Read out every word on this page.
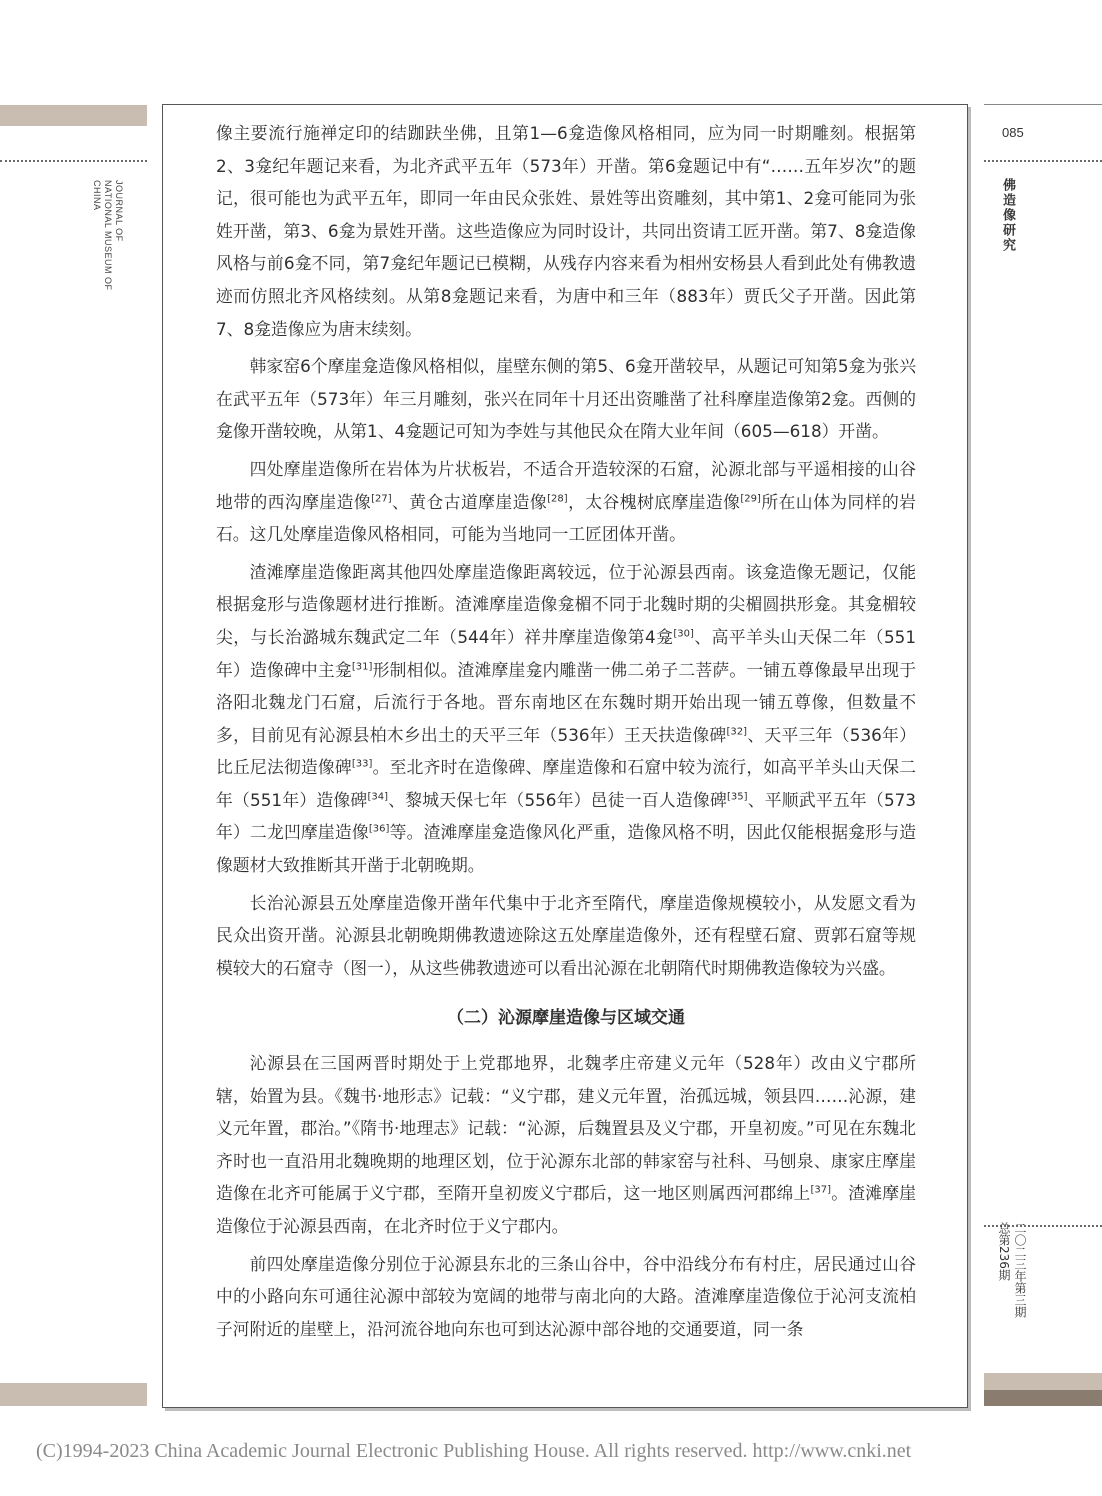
JOURNAL OF
NATIONAL MUSEUM OF
CHINA

像主要流行施禅定印的结跏趺坐佛，且第1—6龛造像风格相同，应为同一时期雕刻。根据第2、3龛纪年题记来看，为北齐武平五年（573年）开凿。第6龛题记中有“……五年岁次”的题记，很可能也为武平五年，即同一年由民众张姓、景姓等出资雕刻，其中第1、2龛可能同为张姓开凿，第3、6龛为景姓开凿。这些造像应为同时设计，共同出资请工匠开凿。第7、8龛造像风格与前6龛不同，第7龛纪年题记已模糊，从残存内容来看为相州安杨县人看到此处有佛教遗迹而仿照北齐风格续刻。从第8龛题记来看，为唐中和三年（883年）贾氏父子开凿。因此第7、8龛造像应为唐末续刻。

韩家窑6个摩崖龛造像风格相似，崖壁东侧的第5、6龛开凿较早，从题记可知第5龛为张兴在武平五年（573年）年三月雕刻，张兴在同年十月还出资雕凿了社科摩崖造像第2龛。西侧的龛像开凿较晚，从第1、4龛题记可知为李姓与其他民众在隋大业年间（605—618）开凿。

四处摩崖造像所在岩体为片状板岩，不适合开造较深的石窟，沁源北部与平遥相接的山谷地带的西沟摩崖造像[27]、黄仓古道摩崖造像[28]，太谷槐树底摩崖造像[29]所在山体为同样的岩石。这几处摩崖造像风格相同，可能为当地同一工匠团体开凿。

渣滩摩崖造像距离其他四处摩崖造像距离较远，位于沁源县西南。该龛造像无题记，仅能根据龛形与造像题材进行推断。渣滩摩崖造像龛楣不同于北魏时期的尖楣圆拱形龛。其龛楣较尖，与长治潞城东魏武定二年（544年）祥井摩崖造像第4龛[30]、高平羊头山天保二年（551年）造像碑中主龛[31]形制相似。渣滩摩崖龛内雕凿一佛二弟子二菩萨。一铺五尊像最早出现于洛阳北魏龙门石窟，后流行于各地。晋东南地区在东魏时期开始出现一铺五尊像，但数量不多，目前见有沁源县柏木乡出土的天平三年（536年）王天扶造像碑[32]、天平三年（536年）比丘尼法彻造像碑[33]。至北齐时在造像碑、摩崖造像和石窟中较为流行，如高平羊头山天保二年（551年）造像碑[34]、黎城天保七年（556年）邑徒一百人造像碑[35]、平顺武平五年（573年）二龙凹摩崖造像[36]等。渣滩摩崖龛造像风化严重，造像风格不明，因此仅能根据龛形与造像题材大致推断其开凿于北朝晚期。

长治沁源县五处摩崖造像开凿年代集中于北齐至隋代，摩崖造像规模较小，从发愿文看为民众出资开凿。沁源县北朝晚期佛教遗迹除这五处摩崖造像外，还有程壁石窟、贾郭石窟等规模较大的石窟寺（图一），从这些佛教遗迹可以看出沁源在北朝隋代时期佛教造像较为兴盛。

（二）沁源摩崖造像与区域交通

沁源县在三国两晋时期处于上党郡地界，北魏孝庄帝建义元年（528年）改由义宁郡所辖，始置为县。《魏书·地形志》记载：“义宁郡，建义元年置，治孤远城，领县四……沁源，建义元年置，郡治。”《隋书·地理志》记载：“沁源，后魏置县及义宁郡，开皇初废。”可见在东魏北齐时也一直沿用北魏晚期的地理区划，位于沁源东北部的韩家窑与社科、马刨泉、康家庄摩崖造像在北齐可能属于义宁郡，至隋开皇初废义宁郡后，这一地区则属西河郡绵上[37]。渣滩摩崖造像位于沁源县西南，在北齐时位于义宁郡内。

前四处摩崖造像分别位于沁源县东北的三条山谷中，谷中沿线分布有村庄，居民通过山谷中的小路向东可通往沁源中部较为宽阔的地带与南北向的大路。渣滩摩崖造像位于沁河支流柏子河附近的崖壁上，沿河流谷地向东也可到达沁源中部谷地的交通要道，同一条

085
佛造像研究
二〇二三年第三期
总第236期
(C)1994-2023 China Academic Journal Electronic Publishing House. All rights reserved. http://www.cnki.net
